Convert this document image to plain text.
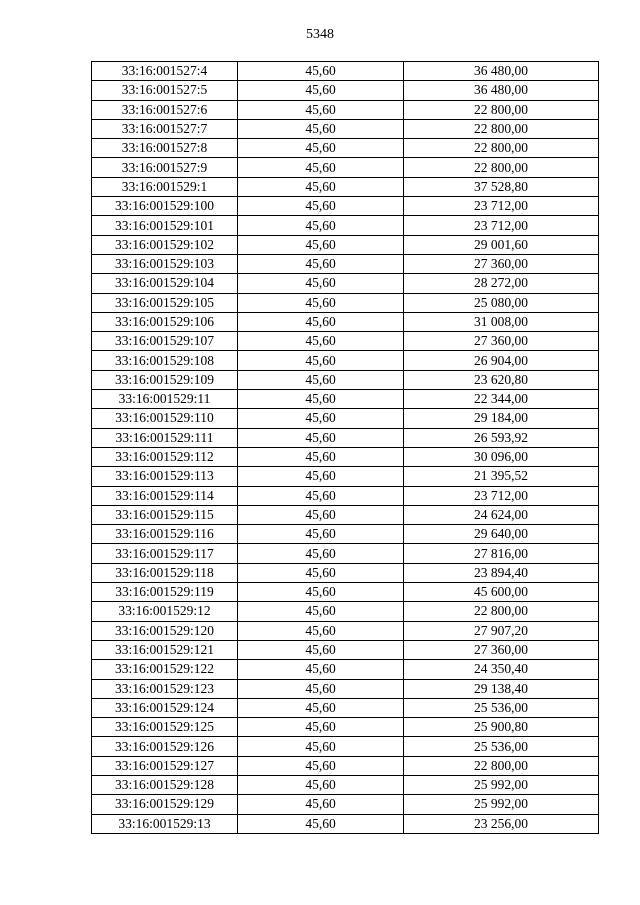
5348
33:16:001527:4	45,60	36 480,00
33:16:001527:5	45,60	36 480,00
33:16:001527:6	45,60	22 800,00
33:16:001527:7	45,60	22 800,00
33:16:001527:8	45,60	22 800,00
33:16:001527:9	45,60	22 800,00
33:16:001529:1	45,60	37 528,80
33:16:001529:100	45,60	23 712,00
33:16:001529:101	45,60	23 712,00
33:16:001529:102	45,60	29 001,60
33:16:001529:103	45,60	27 360,00
33:16:001529:104	45,60	28 272,00
33:16:001529:105	45,60	25 080,00
33:16:001529:106	45,60	31 008,00
33:16:001529:107	45,60	27 360,00
33:16:001529:108	45,60	26 904,00
33:16:001529:109	45,60	23 620,80
33:16:001529:11	45,60	22 344,00
33:16:001529:110	45,60	29 184,00
33:16:001529:111	45,60	26 593,92
33:16:001529:112	45,60	30 096,00
33:16:001529:113	45,60	21 395,52
33:16:001529:114	45,60	23 712,00
33:16:001529:115	45,60	24 624,00
33:16:001529:116	45,60	29 640,00
33:16:001529:117	45,60	27 816,00
33:16:001529:118	45,60	23 894,40
33:16:001529:119	45,60	45 600,00
33:16:001529:12	45,60	22 800,00
33:16:001529:120	45,60	27 907,20
33:16:001529:121	45,60	27 360,00
33:16:001529:122	45,60	24 350,40
33:16:001529:123	45,60	29 138,40
33:16:001529:124	45,60	25 536,00
33:16:001529:125	45,60	25 900,80
33:16:001529:126	45,60	25 536,00
33:16:001529:127	45,60	22 800,00
33:16:001529:128	45,60	25 992,00
33:16:001529:129	45,60	25 992,00
33:16:001529:13	45,60	23 256,00
